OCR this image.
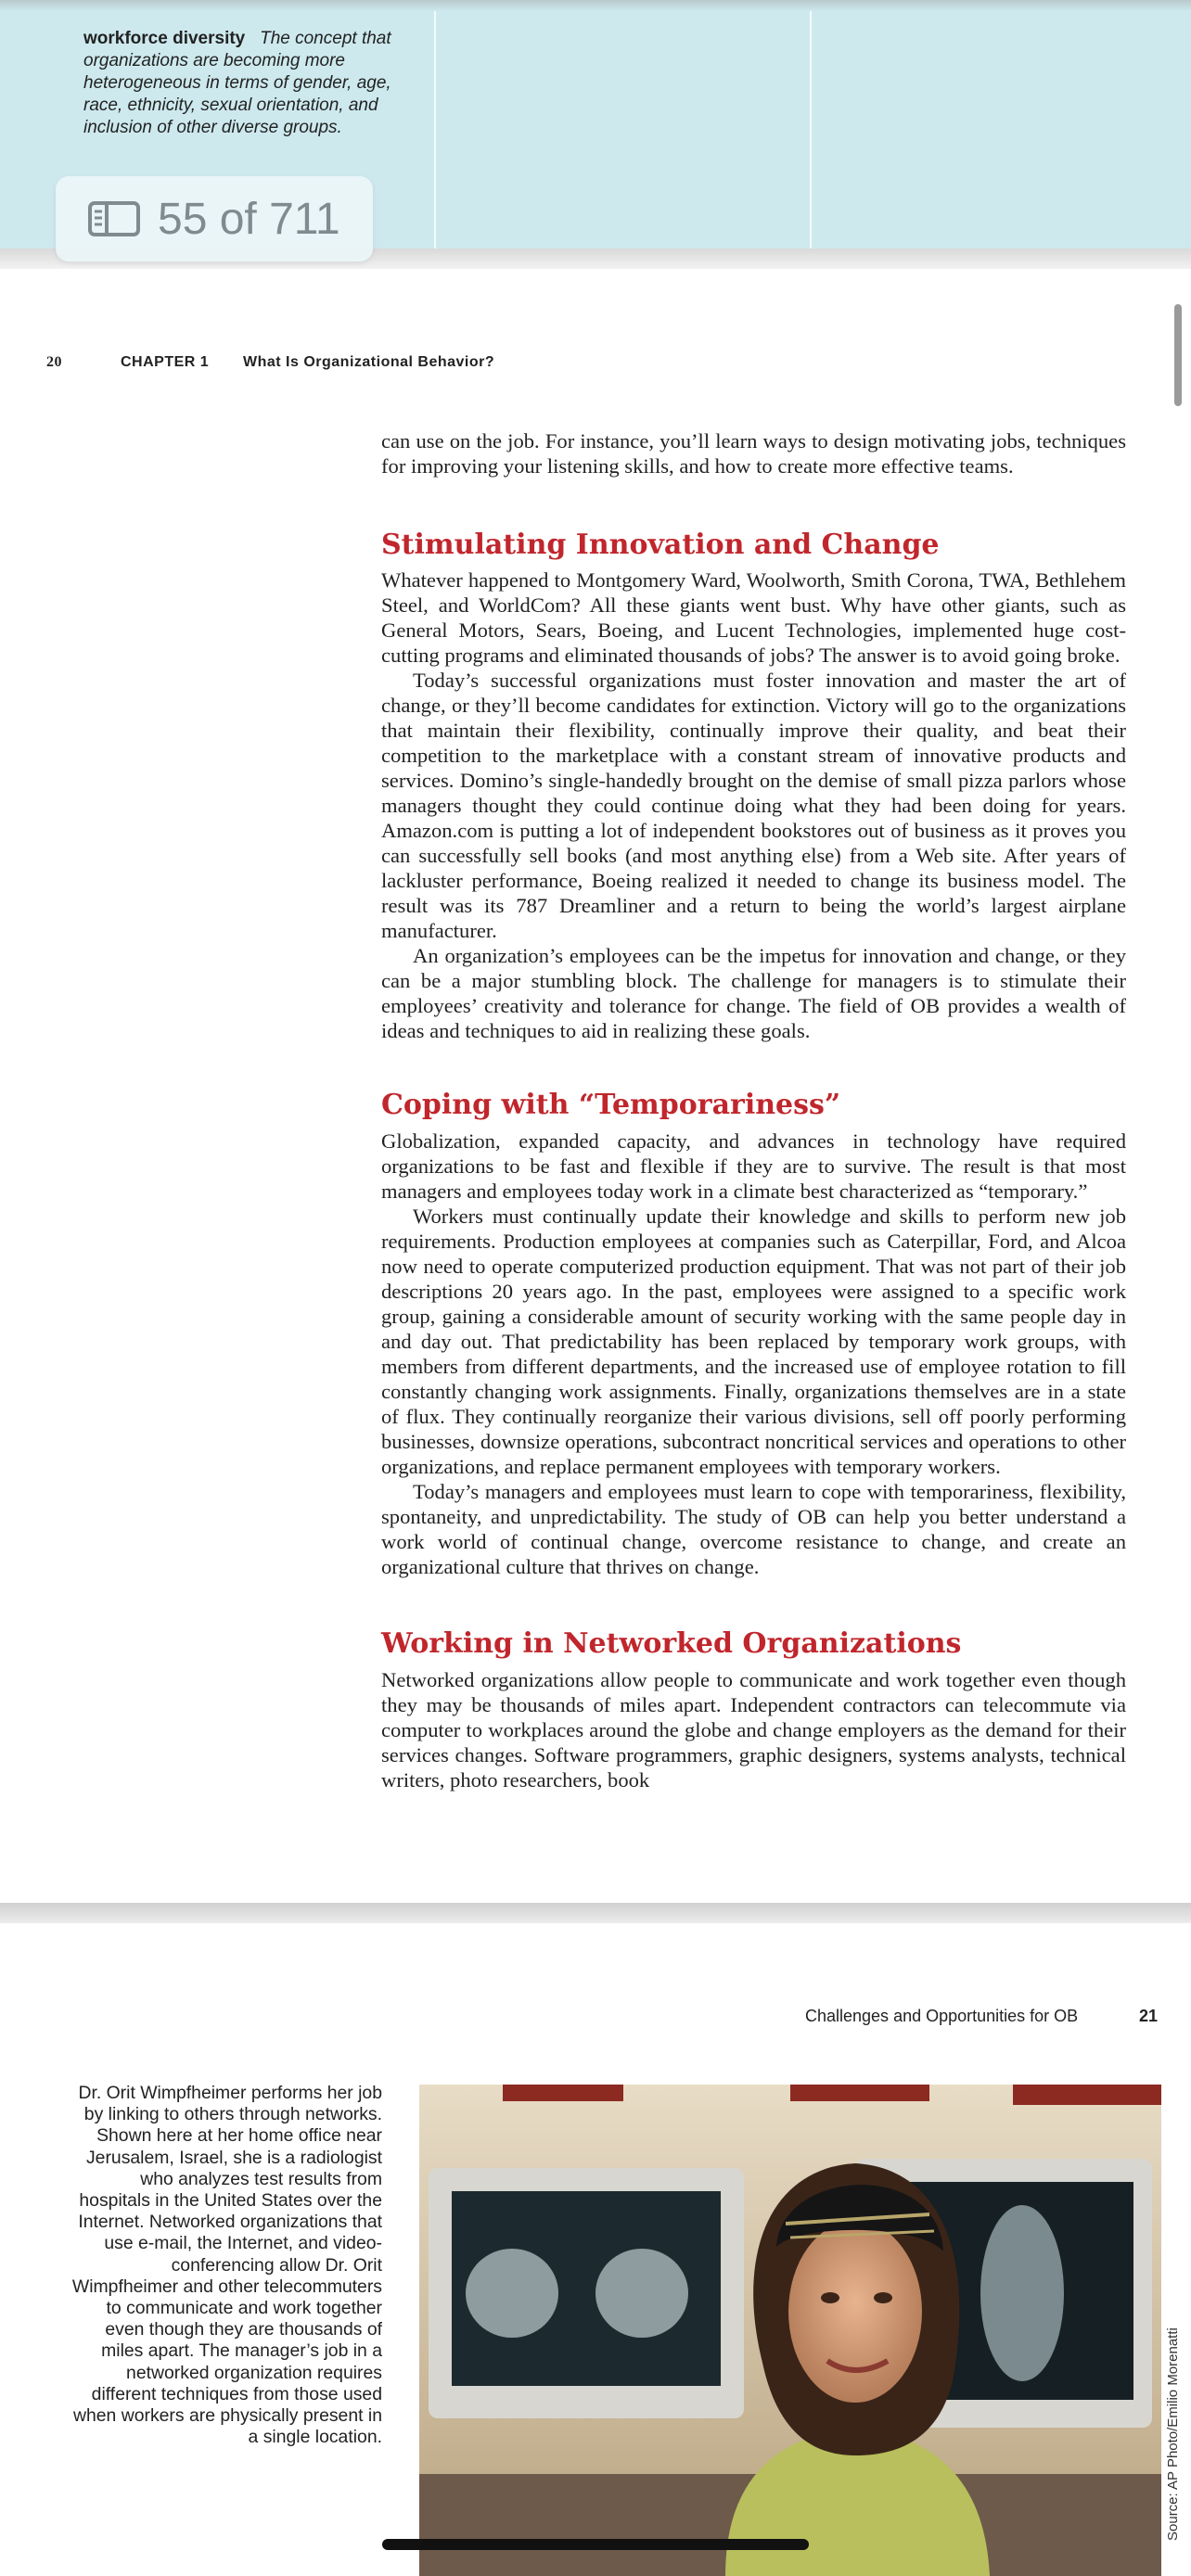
workforce diversity The concept that organizations are becoming more heterogeneous in terms of gender, age, race, ethnicity, sexual orientation, and inclusion of other diverse groups.
55 of 711
20	CHAPTER 1 What Is Organizational Behavior?

can use on the job. For instance, you’ll learn ways to design motivating jobs, techniques for improving your listening skills, and how to create more effective teams.

Stimulating Innovation and Change

Whatever happened to Montgomery Ward, Woolworth, Smith Corona, TWA, Bethlehem Steel, and WorldCom? All these giants went bust. Why have other giants, such as General Motors, Sears, Boeing, and Lucent Technologies, implemented huge cost-cutting programs and eliminated thousands of jobs? The answer is to avoid going broke.

Today’s successful organizations must foster innovation and master the art of change, or they’ll become candidates for extinction. Victory will go to the organizations that maintain their flexibility, continually improve their quality, and beat their competition to the marketplace with a constant stream of innovative products and services. Domino’s single-handedly brought on the demise of small pizza parlors whose managers thought they could continue doing what they had been doing for years. Amazon.com is putting a lot of independent bookstores out of business as it proves you can successfully sell books (and most anything else) from a Web site. After years of lackluster performance, Boeing realized it needed to change its business model. The result was its 787 Dreamliner and a return to being the world’s largest airplane manufacturer.

An organization’s employees can be the impetus for innovation and change, or they can be a major stumbling block. The challenge for managers is to stimulate their employees’ creativity and tolerance for change. The field of OB provides a wealth of ideas and techniques to aid in realizing these goals.

Coping with “Temporariness”

Globalization, expanded capacity, and advances in technology have required organizations to be fast and flexible if they are to survive. The result is that most managers and employees today work in a climate best characterized as “temporary.”

Workers must continually update their knowledge and skills to perform new job requirements. Production employees at companies such as Caterpillar, Ford, and Alcoa now need to operate computerized production equipment. That was not part of their job descriptions 20 years ago. In the past, employees were assigned to a specific work group, gaining a considerable amount of security working with the same people day in and day out. That predictability has been replaced by temporary work groups, with members from different departments, and the increased use of employee rotation to fill constantly changing work assignments. Finally, organizations themselves are in a state of flux. They continually reorganize their various divisions, sell off poorly performing businesses, downsize operations, subcontract noncritical services and operations to other organizations, and replace permanent employees with temporary workers.

Today’s managers and employees must learn to cope with temporariness, flexibility, spontaneity, and unpredictability. The study of OB can help you better understand a work world of continual change, overcome resistance to change, and create an organizational culture that thrives on change.

Working in Networked Organizations

Networked organizations allow people to communicate and work together even though they may be thousands of miles apart. Independent contractors can telecommute via computer to workplaces around the globe and change employers as the demand for their services changes. Software programmers, graphic designers, systems analysts, technical writers, photo researchers, book

Challenges and Opportunities for OB	21
Dr. Orit Wimpfheimer performs her job by linking to others through networks. Shown here at her home office near Jerusalem, Israel, she is a radiologist who analyzes test results from hospitals in the United States over the Internet. Networked organizations that use e-mail, the Internet, and video-conferencing allow Dr. Orit Wimpfheimer and other telecommuters to communicate and work together even though they are thousands of miles apart. The manager’s job in a networked organization requires different techniques from those used when workers are physically present in a single location.	Source: AP Photo/Emilio Morenatti
